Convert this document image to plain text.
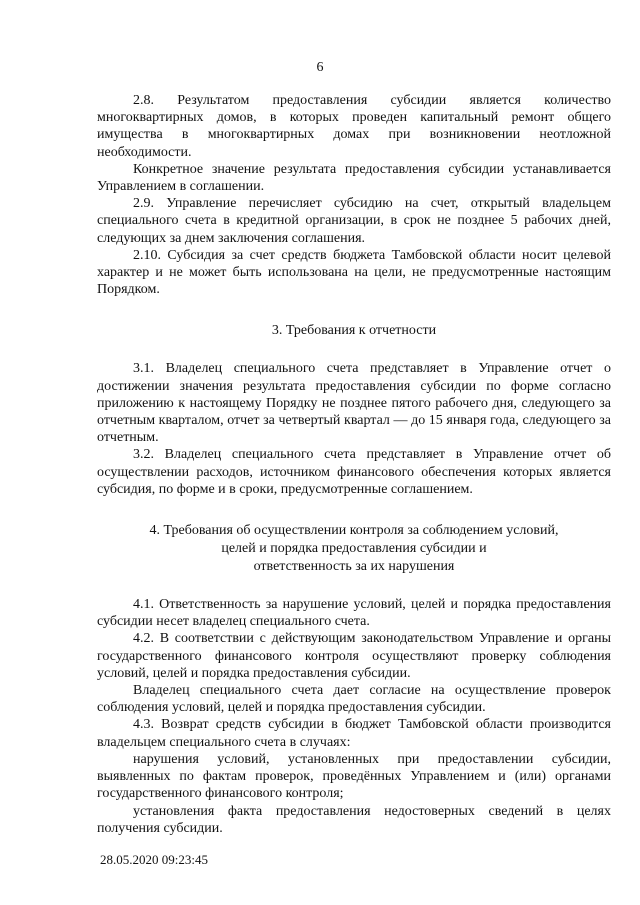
6

2.8. Результатом предоставления субсидии является количество многоквартирных домов, в которых проведен капитальный ремонт общего имущества в многоквартирных домах при возникновении неотложной необходимости.

Конкретное значение результата предоставления субсидии устанавливается Управлением в соглашении.

2.9. Управление перечисляет субсидию на счет, открытый владельцем специального счета в кредитной организации, в срок не позднее 5 рабочих дней, следующих за днем заключения соглашения.

2.10. Субсидия за счет средств бюджета Тамбовской области носит целевой характер и не может быть использована на цели, не предусмотренные настоящим Порядком.

3. Требования к отчетности

3.1. Владелец специального счета представляет в Управление отчет о достижении значения результата предоставления субсидии по форме согласно приложению к настоящему Порядку не позднее пятого рабочего дня, следующего за отчетным кварталом, отчет за четвертый квартал — до 15 января года, следующего за отчетным.

3.2. Владелец специального счета представляет в Управление отчет об осуществлении расходов, источником финансового обеспечения которых является субсидия, по форме и в сроки, предусмотренные соглашением.

4. Требования об осуществлении контроля за соблюдением условий,
целей и порядка предоставления субсидии и
ответственность за их нарушения

4.1. Ответственность за нарушение условий, целей и порядка предоставления субсидии несет владелец специального счета.

4.2. В соответствии с действующим законодательством Управление и органы государственного финансового контроля осуществляют проверку соблюдения условий, целей и порядка предоставления субсидии.

Владелец специального счета дает согласие на осуществление проверок соблюдения условий, целей и порядка предоставления субсидии.

4.3. Возврат средств субсидии в бюджет Тамбовской области производится владельцем специального счета в случаях:

нарушения условий, установленных при предоставлении субсидии, выявленных по фактам проверок, проведённых Управлением и (или) органами государственного финансового контроля;

установления факта предоставления недостоверных сведений в целях получения субсидии.

28.05.2020 09:23:45
